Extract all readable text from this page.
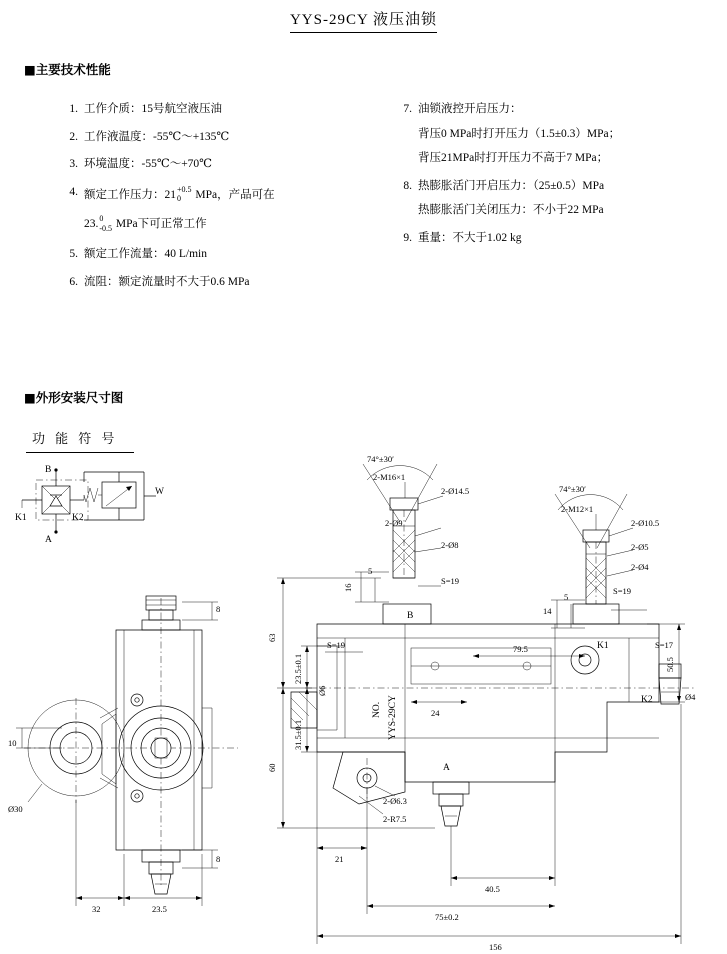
YYS-29CY 液压油锁
■主要技术性能
1. 工作介质：15号航空液压油
2. 工作液温度：-55℃～+135℃
3. 环境温度：-55℃～+70℃
4. 额定工作压力：21 +0.5
0	MPa，产品可在
23. 0
-0.5 MPa下可正常工作
5. 额定工作流量：40 L/min
6. 流阻：额定流量时不大于0.6 MPa
7. 油锁液控开启压力：
背压0 MPa时打开压力（1.5±0.3）MPa；
背压21MPa时打开压力不高于7 MPa；
8. 热膨胀活门开启压力：（25±0.5）MPa
热膨胀活门关闭压力：不小于22 MPa
9. 重量：不大于1.02 kg
■外形安装尺寸图
功 能 符 号
B
A
K1	K2
W
8
8
10
Ø30
32	23.5
74°±30′
74°±30′
2-M16×1
2-Ø14.5
2-Ø9
2-Ø8
S=19
16
5
2-M12×1
2-Ø10.5
2-Ø5
2-Ø4
14
5
2-Ø6.3
2-R7.5
Ø4
B
A
K1
K2
NO. YYS-29CY
S=19
S=19
S=17
63
60
23.5±0.1
31.5±0.1
Ø6
50.5
79.5
24
21
40.5
75±0.2
156
